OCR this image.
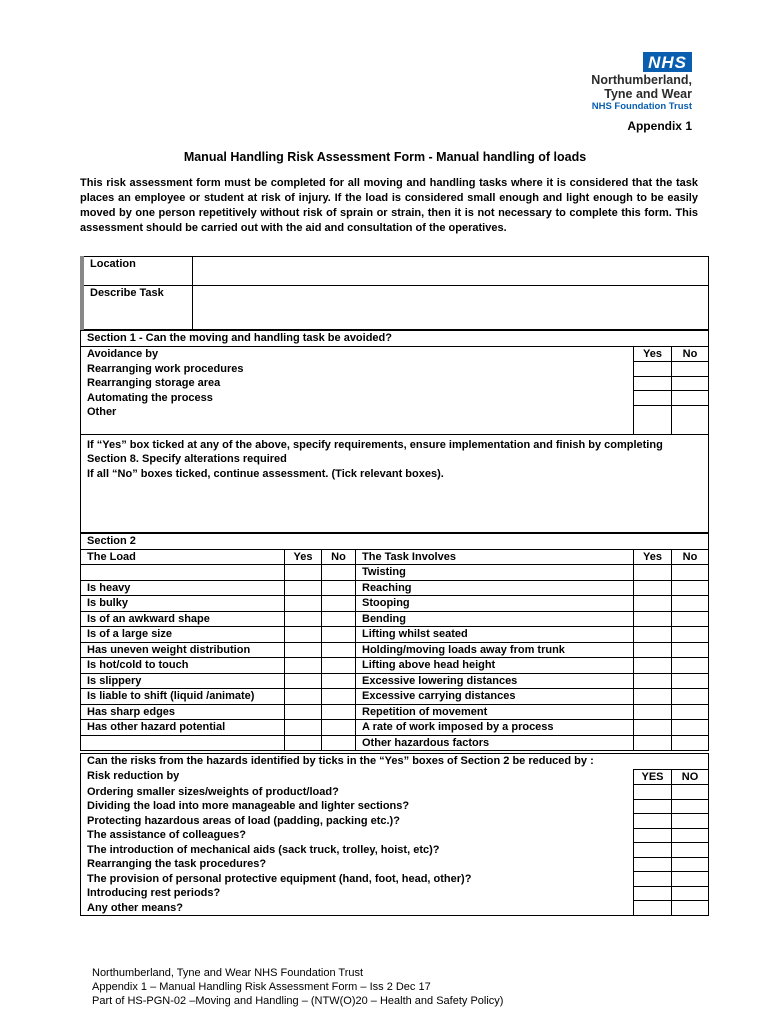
NHS
Northumberland,
Tyne and Wear
NHS Foundation Trust
Appendix 1
Manual Handling Risk Assessment Form - Manual handling of loads
This risk assessment form must be completed for all moving and handling tasks where it is considered that the task places an employee or student at risk of injury. If the load is considered small enough and light enough to be easily moved by one person repetitively without risk of sprain or strain, then it is not necessary to complete this form. This assessment should be carried out with the aid and consultation of the operatives.
Location	
Describe Task	
Section 1 - Can the moving and handling task be avoided?		
Avoidance by	Yes	No
Rearranging work procedures		
Rearranging storage area		
Automating the process		
Other		

If “Yes” box ticked at any of the above, specify requirements, ensure implementation and finish by completing Section 8. Specify alterations required
If all “No” boxes ticked, continue assessment. (Tick relevant boxes).		
Section 2					
The Load	Yes	No	The Task Involves	Yes	No
			Twisting		
Is heavy			Reaching		
Is bulky			Stooping		
Is of an awkward shape			Bending		
Is of a large size			Lifting whilst seated		
Has uneven weight distribution			Holding/moving loads away from trunk		
Is hot/cold to touch			Lifting above head height		
Is slippery			Excessive lowering distances		
Is liable to shift (liquid /animate)			Excessive carrying distances		
Has sharp edges			Repetition of movement		
Has other hazard potential			A rate of work imposed by a process		
			Other hazardous factors		
Can the risks from the hazards identified by ticks in the “Yes” boxes of Section 2 be reduced by :		
Risk reduction by	YES	NO
Ordering smaller sizes/weights of product/load?		
Dividing the load into more manageable and lighter sections?		
Protecting hazardous areas of load (padding, packing etc.)?		
The assistance of colleagues?		
The introduction of mechanical aids (sack truck, trolley, hoist, etc)?		
Rearranging the task procedures?		
The provision of personal protective equipment (hand, foot, head, other)?		
Introducing rest periods?		
Any other means?		
Northumberland, Tyne and Wear NHS Foundation Trust
Appendix 1 – Manual Handling Risk Assessment Form – Iss 2 Dec 17
Part of HS-PGN-02 –Moving and Handling – (NTW(O)20 – Health and Safety Policy)
